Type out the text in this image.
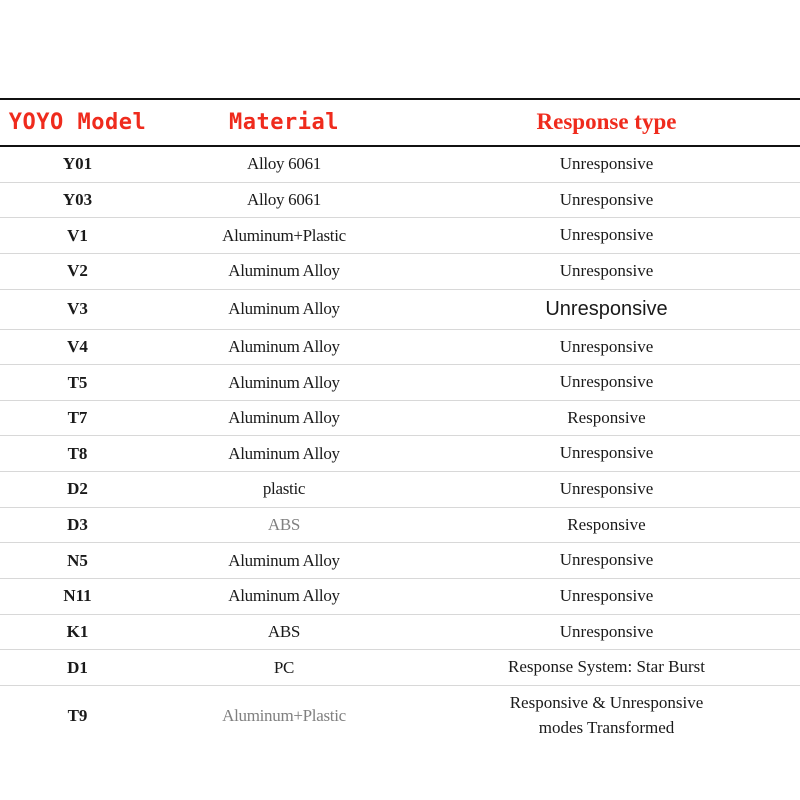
YOYO Model	Material	Response type
Y01	Alloy 6061	Unresponsive
Y03	Alloy 6061	Unresponsive
V1	Aluminum+Plastic	Unresponsive
V2	Aluminum Alloy	Unresponsive
V3	Aluminum Alloy	Unresponsive
V4	Aluminum Alloy	Unresponsive
T5	Aluminum Alloy	Unresponsive
T7	Aluminum Alloy	Responsive
T8	Aluminum Alloy	Unresponsive
D2	plastic	Unresponsive
D3	ABS	Responsive
N5	Aluminum Alloy	Unresponsive
N11	Aluminum Alloy	Unresponsive
K1	ABS	Unresponsive
D1	PC	Response System: Star Burst
T9	Aluminum+Plastic	Responsive & Unresponsive
modes Transformed
